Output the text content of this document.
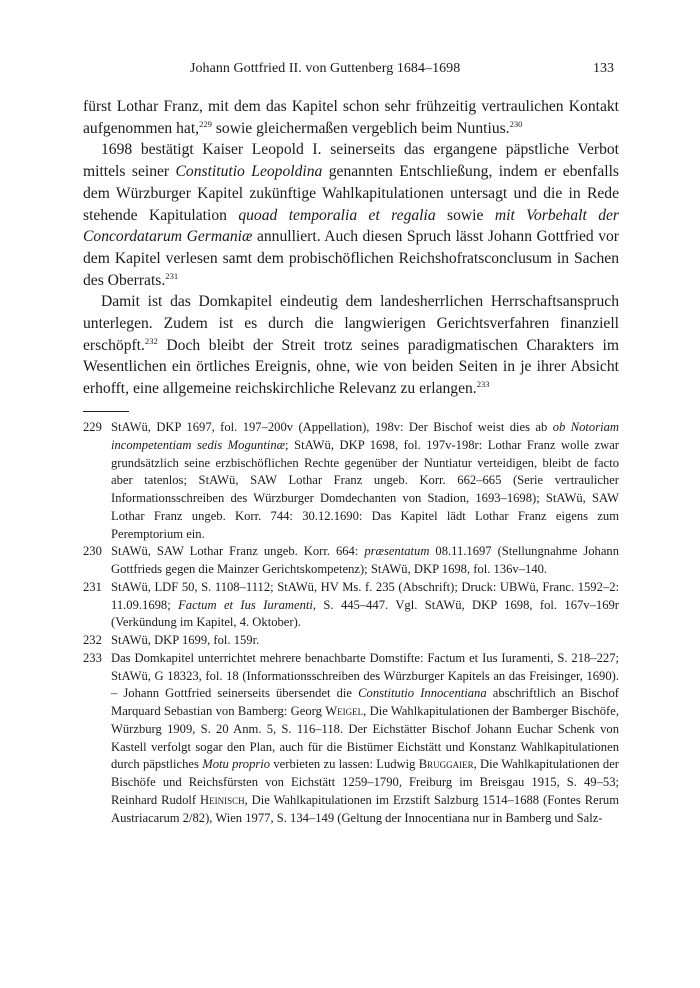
Johann Gottfried II. von Guttenberg 1684–1698	133

fürst Lothar Franz, mit dem das Kapitel schon sehr frühzeitig vertraulichen Kontakt aufgenommen hat,$^{229}$ sowie gleichermaßen vergeblich beim Nuntius.$^{230}$

1698 bestätigt Kaiser Leopold I. seinerseits das ergangene päpstliche Verbot mittels seiner Constitutio Leopoldina genannten Entschließung, indem er ebenfalls dem Würzburger Kapitel zukünftige Wahlkapitulationen untersagt und die in Rede stehende Kapitulation quoad temporalia et regalia sowie mit Vorbehalt der Concordatarum Germaniæ annulliert. Auch diesen Spruch lässt Johann Gottfried vor dem Kapitel verlesen samt dem probischöflichen Reichshofratsconclusum in Sachen des Oberrats.$^{231}$

Damit ist das Domkapitel eindeutig dem landesherrlichen Herrschaftsanspruch unterlegen. Zudem ist es durch die langwierigen Gerichtsverfahren finanziell erschöpft.$^{232}$ Doch bleibt der Streit trotz seines paradigmatischen Charakters im Wesentlichen ein örtliches Ereignis, ohne, wie von beiden Seiten in je ihrer Absicht erhofft, eine allgemeine reichskirchliche Relevanz zu erlangen.$^{233}$

229 StAWü, DKP 1697, fol. 197–200v (Appellation), 198v: Der Bischof weist dies ab ob Notoriam incompetentiam sedis Moguntinæ; StAWü, DKP 1698, fol. 197v-198r: Lothar Franz wolle zwar grundsätzlich seine erzbischöflichen Rechte gegenüber der Nuntiatur verteidigen, bleibt de facto aber tatenlos; StAWü, SAW Lothar Franz ungeb. Korr. 662–665 (Serie vertraulicher Informationsschreiben des Würzburger Domdechanten von Stadion, 1693–1698); StAWü, SAW Lothar Franz ungeb. Korr. 744: 30.12.1690: Das Kapitel lädt Lothar Franz eigens zum Peremptorium ein.
230 StAWü, SAW Lothar Franz ungeb. Korr. 664: præsentatum 08.11.1697 (Stellungnahme Johann Gottfrieds gegen die Mainzer Gerichtskompetenz); StAWü, DKP 1698, fol. 136v–140.
231 StAWü, LDF 50, S. 1108–1112; StAWü, HV Ms. f. 235 (Abschrift); Druck: UBWü, Franc. 1592–2: 11.09.1698; Factum et Ius Iuramenti, S. 445–447. Vgl. StAWü, DKP 1698, fol. 167v–169r (Verkündung im Kapitel, 4. Oktober).
232 StAWü, DKP 1699, fol. 159r.
233 Das Domkapitel unterrichtet mehrere benachbarte Domstifte: Factum et Ius Iuramenti, S. 218–227; StAWü, G 18323, fol. 18 (Informationsschreiben des Würzburger Kapitels an das Freisinger, 1690). – Johann Gottfried seinerseits übersendet die Constitutio Innocentiana abschriftlich an Bischof Marquard Sebastian von Bamberg: Georg Weigel, Die Wahlkapitulationen der Bamberger Bischöfe, Würzburg 1909, S. 20 Anm. 5, S. 116–118. Der Eichstätter Bischof Johann Euchar Schenk von Kastell verfolgt sogar den Plan, auch für die Bistümer Eichstätt und Konstanz Wahlkapitulationen durch päpstliches Motu proprio verbieten zu lassen: Ludwig Bruggaier, Die Wahlkapitulationen der Bischöfe und Reichsfürsten von Eichstätt 1259–1790, Freiburg im Breisgau 1915, S. 49–53; Reinhard Rudolf Heinisch, Die Wahlkapitulationen im Erzstift Salzburg 1514–1688 (Fontes Rerum Austriacarum 2/82), Wien 1977, S. 134–149 (Geltung der Innocentiana nur in Bamberg und Salz-
